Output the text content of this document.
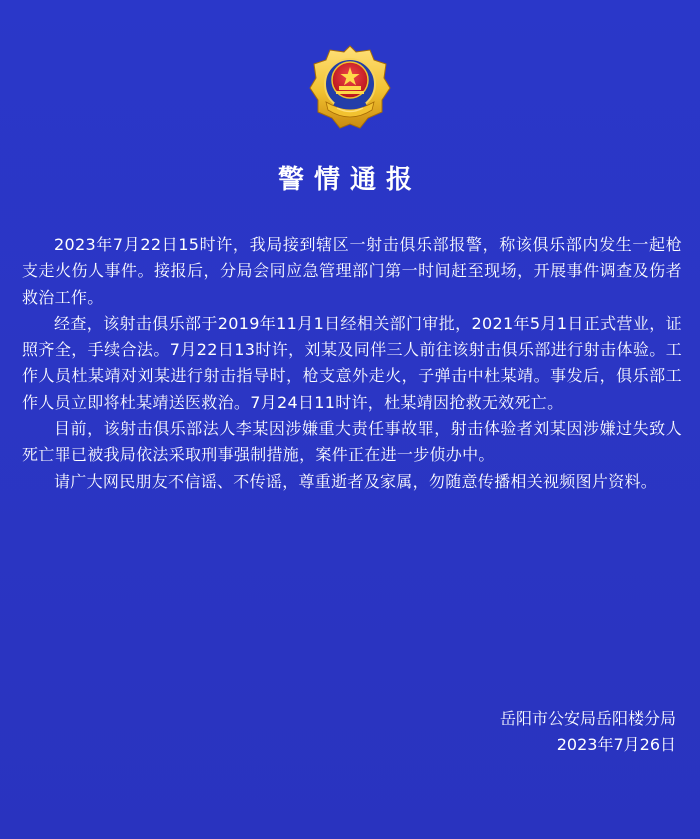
警情通报

2023年7月22日15时许，我局接到辖区一射击俱乐部报警，称该俱乐部内发生一起枪支走火伤人事件。接报后，分局会同应急管理部门第一时间赶至现场，开展事件调查及伤者救治工作。

经查，该射击俱乐部于2019年11月1日经相关部门审批，2021年5月1日正式营业，证照齐全，手续合法。7月22日13时许，刘某及同伴三人前往该射击俱乐部进行射击体验。工作人员杜某靖对刘某进行射击指导时，枪支意外走火，子弹击中杜某靖。事发后，俱乐部工作人员立即将杜某靖送医救治。7月24日11时许，杜某靖因抢救无效死亡。

目前，该射击俱乐部法人李某因涉嫌重大责任事故罪，射击体验者刘某因涉嫌过失致人死亡罪已被我局依法采取刑事强制措施，案件正在进一步侦办中。

请广大网民朋友不信谣、不传谣，尊重逝者及家属，勿随意传播相关视频图片资料。

岳阳市公安局岳阳楼分局
2023年7月26日
